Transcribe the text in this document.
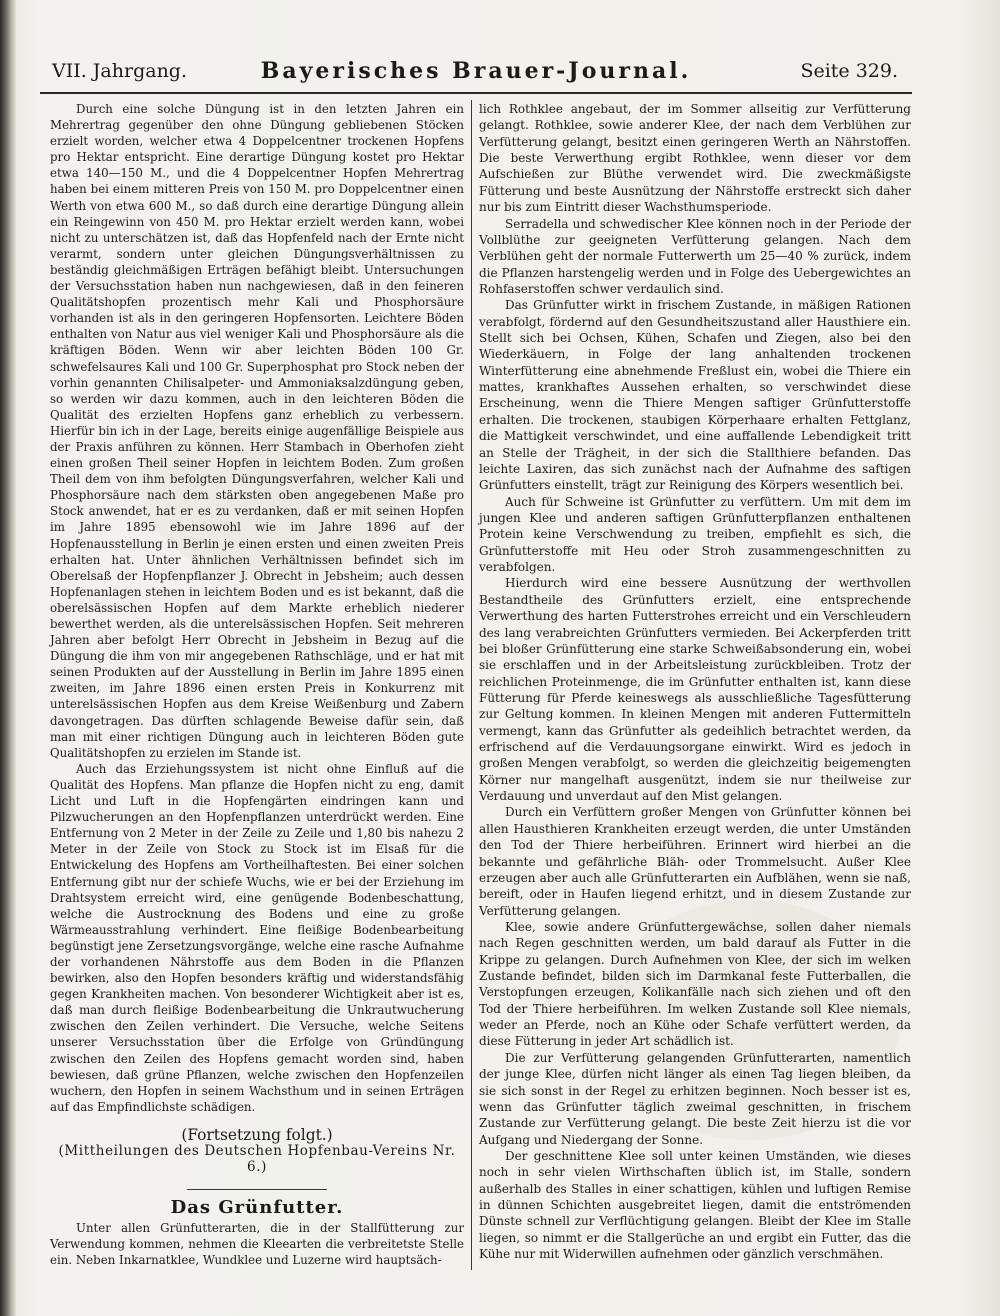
VII. Jahrgang.	Bayerisches Brauer-Journal.	Seite 329.

Durch eine solche Düngung ist in den letzten Jahren ein Mehrertrag gegenüber den ohne Düngung gebliebenen Stöcken erzielt worden, welcher etwa 4 Doppelcentner trockenen Hopfens pro Hektar entspricht. Eine derartige Düngung kostet pro Hektar etwa 140—150 M., und die 4 Doppelcentner Hopfen Mehrertrag haben bei einem mitteren Preis von 150 M. pro Doppelcentner einen Werth von etwa 600 M., so daß durch eine derartige Düngung allein ein Reingewinn von 450 M. pro Hektar erzielt werden kann, wobei nicht zu unterschätzen ist, daß das Hopfenfeld nach der Ernte nicht verarmt, sondern unter gleichen Düngungsverhältnissen zu beständig gleichmäßigen Erträgen befähigt bleibt. Untersuchungen der Versuchsstation haben nun nachgewiesen, daß in den feineren Qualitätshopfen prozentisch mehr Kali und Phosphorsäure vorhanden ist als in den geringeren Hopfensorten. Leichtere Böden enthalten von Natur aus viel weniger Kali und Phosphorsäure als die kräftigen Böden. Wenn wir aber leichten Böden 100 Gr. schwefelsaures Kali und 100 Gr. Superphosphat pro Stock neben der vorhin genannten Chilisalpeter- und Ammoniaksalzdüngung geben, so werden wir dazu kommen, auch in den leichteren Böden die Qualität des erzielten Hopfens ganz erheblich zu verbessern. Hierfür bin ich in der Lage, bereits einige augenfällige Beispiele aus der Praxis anführen zu können. Herr Stambach in Oberhofen zieht einen großen Theil seiner Hopfen in leichtem Boden. Zum großen Theil dem von ihm befolgten Düngungsverfahren, welcher Kali und Phosphorsäure nach dem stärksten oben angegebenen Maße pro Stock anwendet, hat er es zu verdanken, daß er mit seinen Hopfen im Jahre 1895 ebensowohl wie im Jahre 1896 auf der Hopfenausstellung in Berlin je einen ersten und einen zweiten Preis erhalten hat. Unter ähnlichen Verhältnissen befindet sich im Oberelsaß der Hopfenpflanzer J. Obrecht in Jebsheim; auch dessen Hopfenanlagen stehen in leichtem Boden und es ist bekannt, daß die oberelsässischen Hopfen auf dem Markte erheblich niederer bewerthet werden, als die unterelsässischen Hopfen. Seit mehreren Jahren aber befolgt Herr Obrecht in Jebsheim in Bezug auf die Düngung die ihm von mir angegebenen Rathschläge, und er hat mit seinen Produkten auf der Ausstellung in Berlin im Jahre 1895 einen zweiten, im Jahre 1896 einen ersten Preis in Konkurrenz mit unterelsässischen Hopfen aus dem Kreise Weißenburg und Zabern davongetragen. Das dürften schlagende Beweise dafür sein, daß man mit einer richtigen Düngung auch in leichteren Böden gute Qualitätshopfen zu erzielen im Stande ist.

Auch das Erziehungssystem ist nicht ohne Einfluß auf die Qualität des Hopfens. Man pflanze die Hopfen nicht zu eng, damit Licht und Luft in die Hopfengärten eindringen kann und Pilzwucherungen an den Hopfenpflanzen unterdrückt werden. Eine Entfernung von 2 Meter in der Zeile zu Zeile und 1,80 bis nahezu 2 Meter in der Zeile von Stock zu Stock ist im Elsaß für die Entwickelung des Hopfens am Vortheilhaftesten. Bei einer solchen Entfernung gibt nur der schiefe Wuchs, wie er bei der Erziehung im Drahtsystem erreicht wird, eine genügende Bodenbeschattung, welche die Austrocknung des Bodens und eine zu große Wärmeausstrahlung verhindert. Eine fleißige Bodenbearbeitung begünstigt jene Zersetzungsvorgänge, welche eine rasche Aufnahme der vorhandenen Nährstoffe aus dem Boden in die Pflanzen bewirken, also den Hopfen besonders kräftig und widerstandsfähig gegen Krankheiten machen. Von besonderer Wichtigkeit aber ist es, daß man durch fleißige Bodenbearbeitung die Unkrautwucherung zwischen den Zeilen verhindert. Die Versuche, welche Seitens unserer Versuchsstation über die Erfolge von Gründüngung zwischen den Zeilen des Hopfens gemacht worden sind, haben bewiesen, daß grüne Pflanzen, welche zwischen den Hopfenzeilen wuchern, den Hopfen in seinem Wachsthum und in seinen Erträgen auf das Empfindlichste schädigen.

(Fortsetzung folgt.)

(Mittheilungen des Deutschen Hopfenbau-Vereins Nr. 6.)

Das Grünfutter.

Unter allen Grünfutterarten, die in der Stallfütterung zur Verwendung kommen, nehmen die Kleearten die verbreitetste Stelle ein. Neben Inkarnatklee, Wundklee und Luzerne wird hauptsäch-

lich Rothklee angebaut, der im Sommer allseitig zur Verfütterung gelangt. Rothklee, sowie anderer Klee, der nach dem Verblühen zur Verfütterung gelangt, besitzt einen geringeren Werth an Nährstoffen. Die beste Verwerthung ergibt Rothklee, wenn dieser vor dem Aufschießen zur Blüthe verwendet wird. Die zweckmäßigste Fütterung und beste Ausnützung der Nährstoffe erstreckt sich daher nur bis zum Eintritt dieser Wachsthumsperiode.

Serradella und schwedischer Klee können noch in der Periode der Vollblüthe zur geeigneten Verfütterung gelangen. Nach dem Verblühen geht der normale Futterwerth um 25—40 % zurück, indem die Pflanzen harstengelig werden und in Folge des Uebergewichtes an Rohfaserstoffen schwer verdaulich sind.

Das Grünfutter wirkt in frischem Zustande, in mäßigen Rationen verabfolgt, fördernd auf den Gesundheitszustand aller Hausthiere ein. Stellt sich bei Ochsen, Kühen, Schafen und Ziegen, also bei den Wiederkäuern, in Folge der lang anhaltenden trockenen Winterfütterung eine abnehmende Freßlust ein, wobei die Thiere ein mattes, krankhaftes Aussehen erhalten, so verschwindet diese Erscheinung, wenn die Thiere Mengen saftiger Grünfutterstoffe erhalten. Die trockenen, staubigen Körperhaare erhalten Fettglanz, die Mattigkeit verschwindet, und eine auffallende Lebendigkeit tritt an Stelle der Trägheit, in der sich die Stallthiere befanden. Das leichte Laxiren, das sich zunächst nach der Aufnahme des saftigen Grünfutters einstellt, trägt zur Reinigung des Körpers wesentlich bei.

Auch für Schweine ist Grünfutter zu verfüttern. Um mit dem im jungen Klee und anderen saftigen Grünfutterpflanzen enthaltenen Protein keine Verschwendung zu treiben, empfiehlt es sich, die Grünfutterstoffe mit Heu oder Stroh zusammengeschnitten zu verabfolgen.

Hierdurch wird eine bessere Ausnützung der werthvollen Bestandtheile des Grünfutters erzielt, eine entsprechende Verwerthung des harten Futterstrohes erreicht und ein Verschleudern des lang verabreichten Grünfutters vermieden. Bei Ackerpferden tritt bei bloßer Grünfütterung eine starke Schweißabsonderung ein, wobei sie erschlaffen und in der Arbeitsleistung zurückbleiben. Trotz der reichlichen Proteinmenge, die im Grünfutter enthalten ist, kann diese Fütterung für Pferde keineswegs als ausschließliche Tagesfütterung zur Geltung kommen. In kleinen Mengen mit anderen Futtermitteln vermengt, kann das Grünfutter als gedeihlich betrachtet werden, da erfrischend auf die Verdauungsorgane einwirkt. Wird es jedoch in großen Mengen verabfolgt, so werden die gleichzeitig beigemengten Körner nur mangelhaft ausgenützt, indem sie nur theilweise zur Verdauung und unverdaut auf den Mist gelangen.

Durch ein Verfüttern großer Mengen von Grünfutter können bei allen Hausthieren Krankheiten erzeugt werden, die unter Umständen den Tod der Thiere herbeiführen. Erinnert wird hierbei an die bekannte und gefährliche Bläh- oder Trommelsucht. Außer Klee erzeugen aber auch alle Grünfutterarten ein Aufblähen, wenn sie naß, bereift, oder in Haufen liegend erhitzt, und in diesem Zustande zur Verfütterung gelangen.

Klee, sowie andere Grünfuttergewächse, sollen daher niemals nach Regen geschnitten werden, um bald darauf als Futter in die Krippe zu gelangen. Durch Aufnehmen von Klee, der sich im welken Zustande befindet, bilden sich im Darmkanal feste Futterballen, die Verstopfungen erzeugen, Kolikanfälle nach sich ziehen und oft den Tod der Thiere herbeiführen. Im welken Zustande soll Klee niemals, weder an Pferde, noch an Kühe oder Schafe verfüttert werden, da diese Fütterung in jeder Art schädlich ist.

Die zur Verfütterung gelangenden Grünfutterarten, namentlich der junge Klee, dürfen nicht länger als einen Tag liegen bleiben, da sie sich sonst in der Regel zu erhitzen beginnen. Noch besser ist es, wenn das Grünfutter täglich zweimal geschnitten, in frischem Zustande zur Verfütterung gelangt. Die beste Zeit hierzu ist die vor Aufgang und Niedergang der Sonne.

Der geschnittene Klee soll unter keinen Umständen, wie dieses noch in sehr vielen Wirthschaften üblich ist, im Stalle, sondern außerhalb des Stalles in einer schattigen, kühlen und luftigen Remise in dünnen Schichten ausgebreitet liegen, damit die entströmenden Dünste schnell zur Verflüchtigung gelangen. Bleibt der Klee im Stalle liegen, so nimmt er die Stallgerüche an und ergibt ein Futter, das die Kühe nur mit Widerwillen aufnehmen oder gänzlich verschmähen.
